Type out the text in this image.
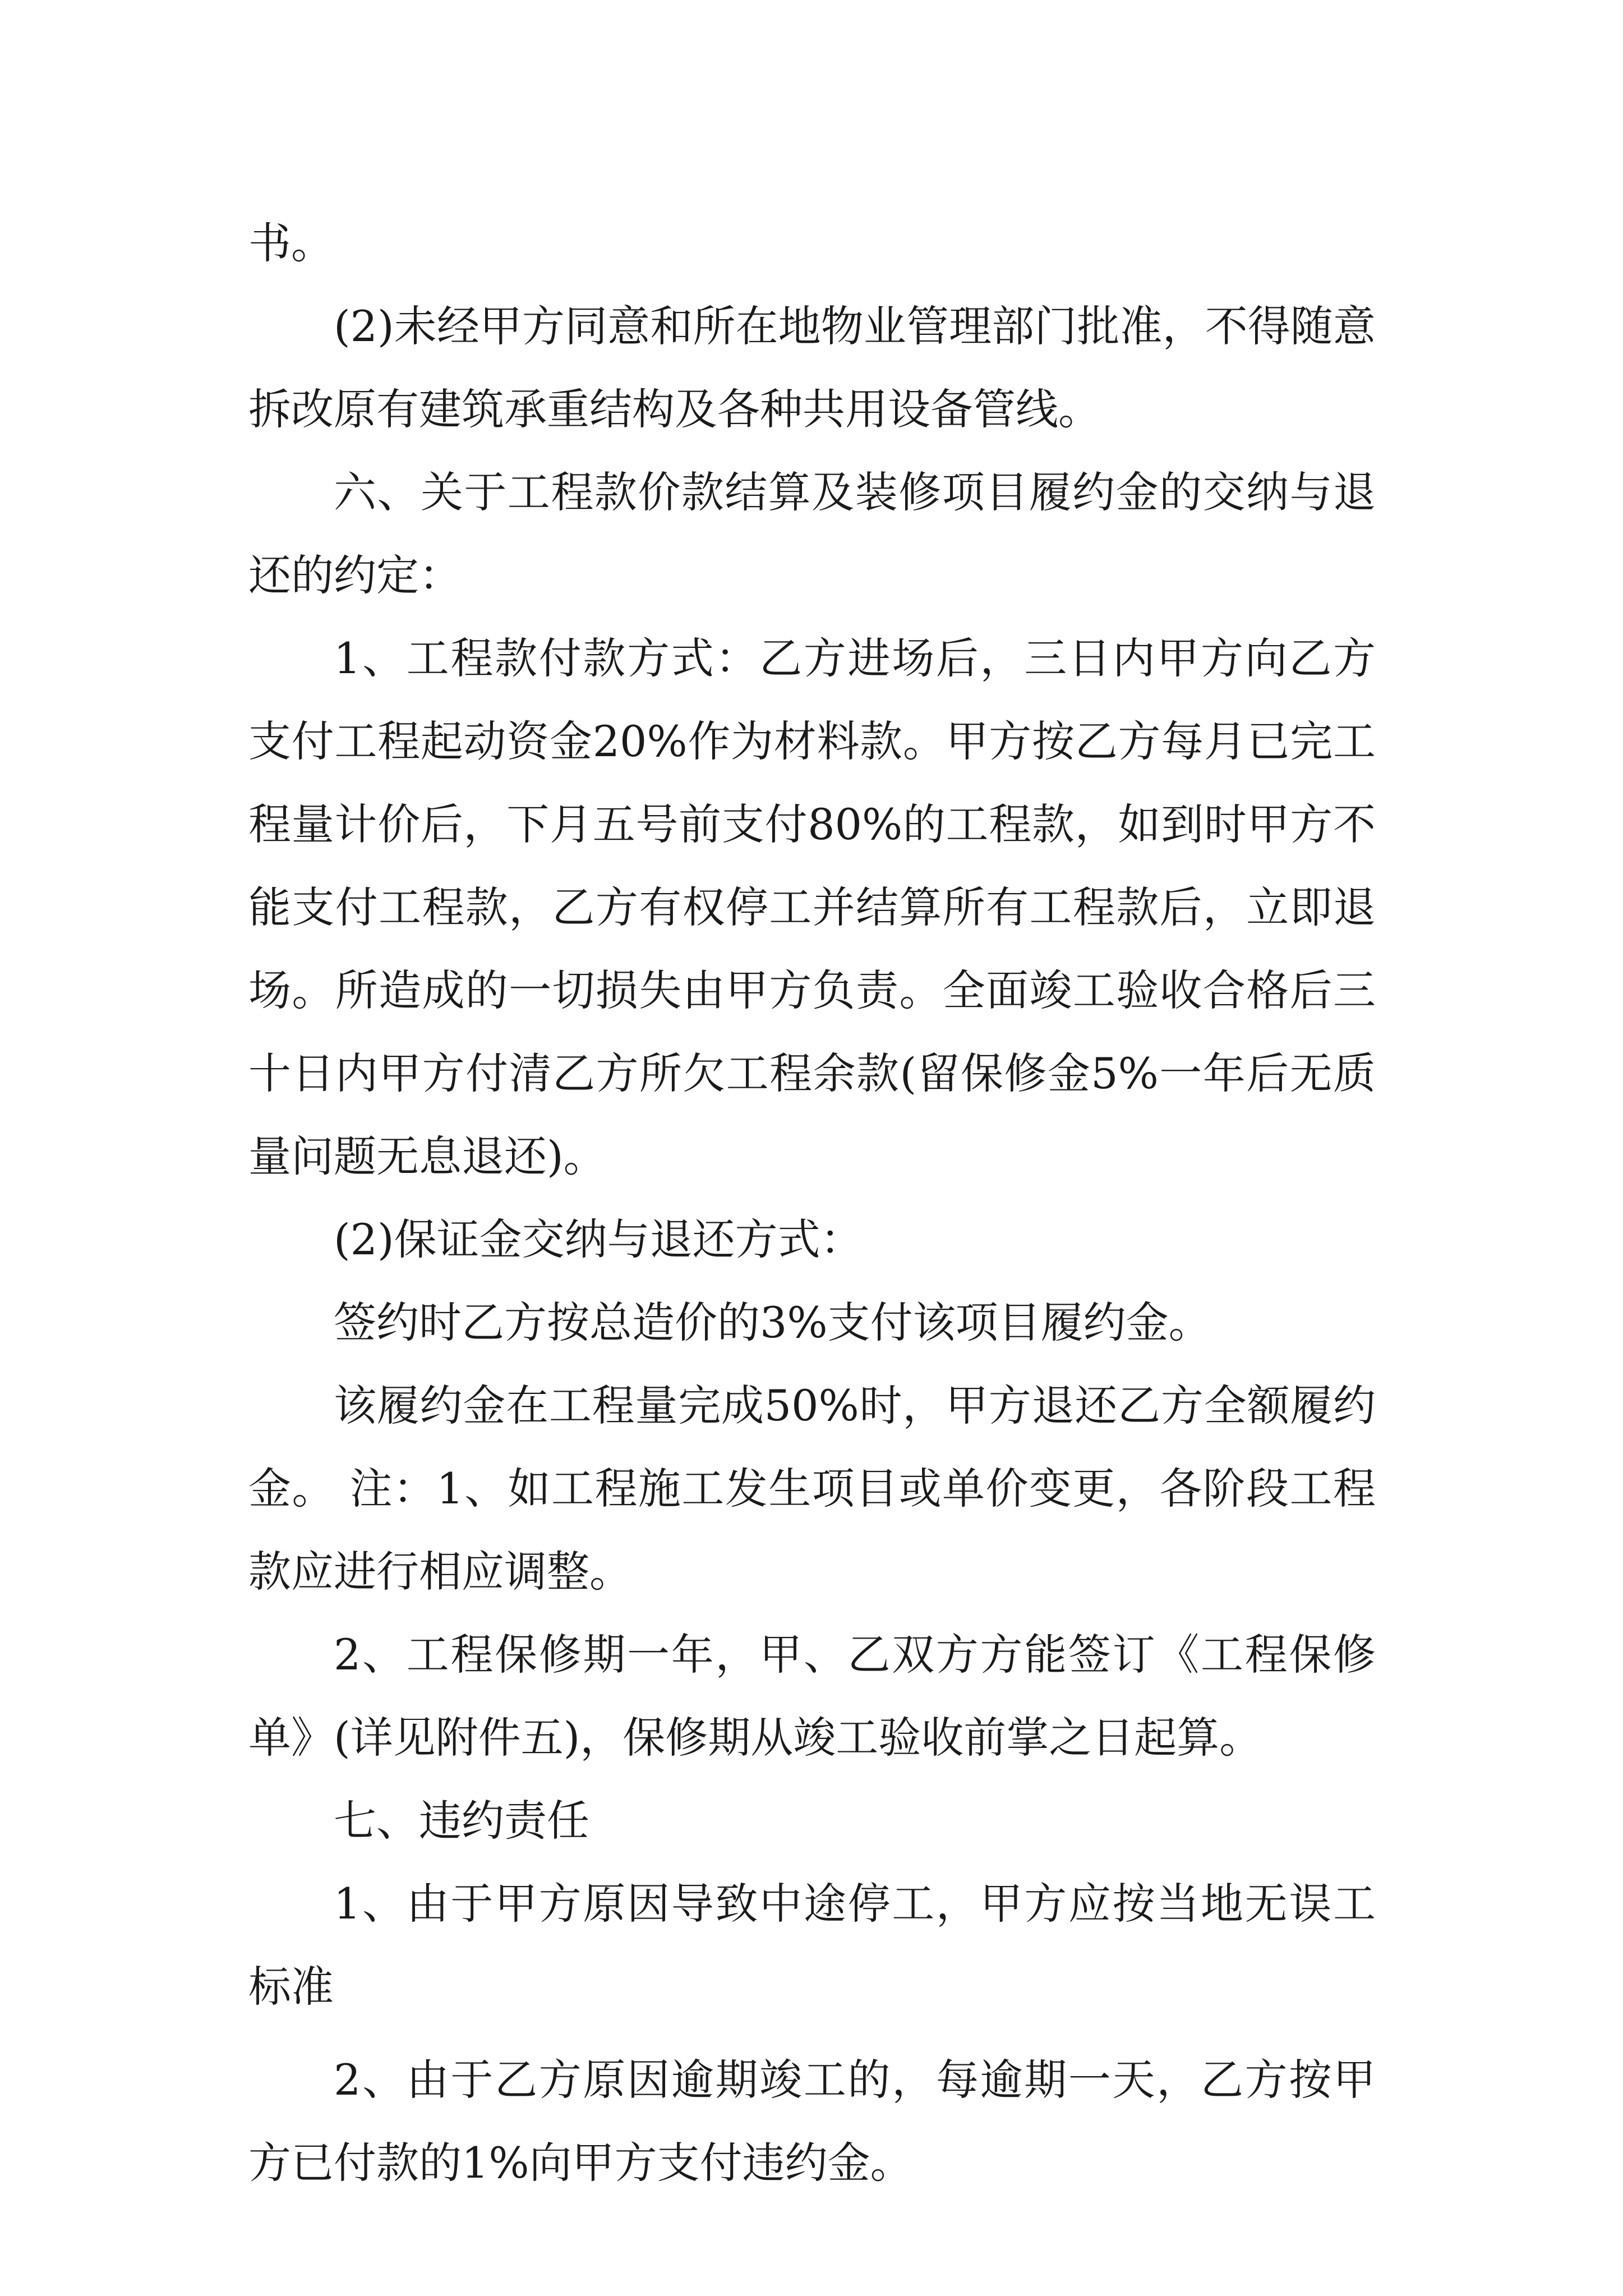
书。

(2)未经甲方同意和所在地物业管理部门批准，不得随意拆改原有建筑承重结构及各种共用设备管线。

六、关于工程款价款结算及装修项目履约金的交纳与退还的约定：

1、工程款付款方式：乙方进场后，三日内甲方向乙方支付工程起动资金20%作为材料款。甲方按乙方每月已完工程量计价后，下月五号前支付80%的工程款，如到时甲方不能支付工程款，乙方有权停工并结算所有工程款后，立即退场。所造成的一切损失由甲方负责。全面竣工验收合格后三十日内甲方付清乙方所欠工程余款(留保修金5%一年后无质量问题无息退还)。

(2)保证金交纳与退还方式：

签约时乙方按总造价的3%支付该项目履约金。

该履约金在工程量完成50%时，甲方退还乙方全额履约金。 注：1、如工程施工发生项目或单价变更，各阶段工程款应进行相应调整。

2、工程保修期一年，甲、乙双方方能签订《工程保修单》(详见附件五)，保修期从竣工验收前掌之日起算。

七、违约责任

1、由于甲方原因导致中途停工，甲方应按当地无误工标准

2、由于乙方原因逾期竣工的，每逾期一天，乙方按甲方已付款的1%向甲方支付违约金。
